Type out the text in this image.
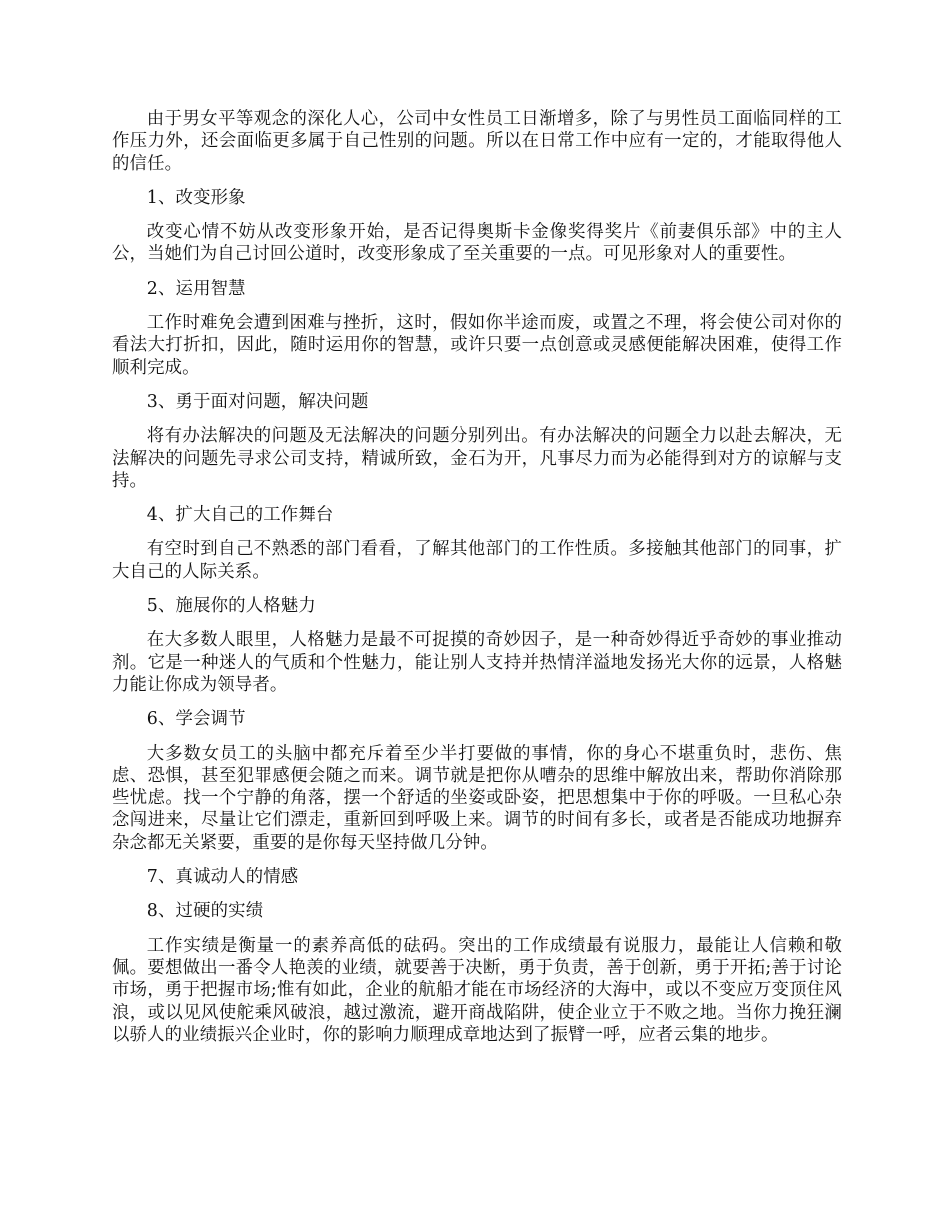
由于男女平等观念的深化人心，公司中女性员工日渐增多，除了与男性员工面临同样的工作压力外，还会面临更多属于自己性别的问题。所以在日常工作中应有一定的，才能取得他人的信任。

1、改变形象

改变心情不妨从改变形象开始，是否记得奥斯卡金像奖得奖片《前妻俱乐部》中的主人公，当她们为自己讨回公道时，改变形象成了至关重要的一点。可见形象对人的重要性。

2、运用智慧

工作时难免会遭到困难与挫折，这时，假如你半途而废，或置之不理，将会使公司对你的看法大打折扣，因此，随时运用你的智慧，或许只要一点创意或灵感便能解决困难，使得工作顺利完成。

3、勇于面对问题，解决问题

将有办法解决的问题及无法解决的问题分别列出。有办法解决的问题全力以赴去解决，无法解决的问题先寻求公司支持，精诚所致，金石为开，凡事尽力而为必能得到对方的谅解与支持。

4、扩大自己的工作舞台

有空时到自己不熟悉的部门看看，了解其他部门的工作性质。多接触其他部门的同事，扩大自己的人际关系。

5、施展你的人格魅力

在大多数人眼里，人格魅力是最不可捉摸的奇妙因子，是一种奇妙得近乎奇妙的事业推动剂。它是一种迷人的气质和个性魅力，能让别人支持并热情洋溢地发扬光大你的远景，人格魅力能让你成为领导者。

6、学会调节

大多数女员工的头脑中都充斥着至少半打要做的事情，你的身心不堪重负时，悲伤、焦虑、恐惧，甚至犯罪感便会随之而来。调节就是把你从嘈杂的思维中解放出来，帮助你消除那些忧虑。找一个宁静的角落，摆一个舒适的坐姿或卧姿，把思想集中于你的呼吸。一旦私心杂念闯进来，尽量让它们漂走，重新回到呼吸上来。调节的时间有多长，或者是否能成功地摒弃杂念都无关紧要，重要的是你每天坚持做几分钟。

7、真诚动人的情感

8、过硬的实绩

工作实绩是衡量一的素养高低的砝码。突出的工作成绩最有说服力，最能让人信赖和敬佩。要想做出一番令人艳羡的业绩，就要善于决断，勇于负责，善于创新，勇于开拓;善于讨论市场，勇于把握市场;惟有如此，企业的航船才能在市场经济的大海中，或以不变应万变顶住风浪，或以见风使舵乘风破浪，越过激流，避开商战陷阱，使企业立于不败之地。当你力挽狂澜以骄人的业绩振兴企业时，你的影响力顺理成章地达到了振臂一呼，应者云集的地步。
